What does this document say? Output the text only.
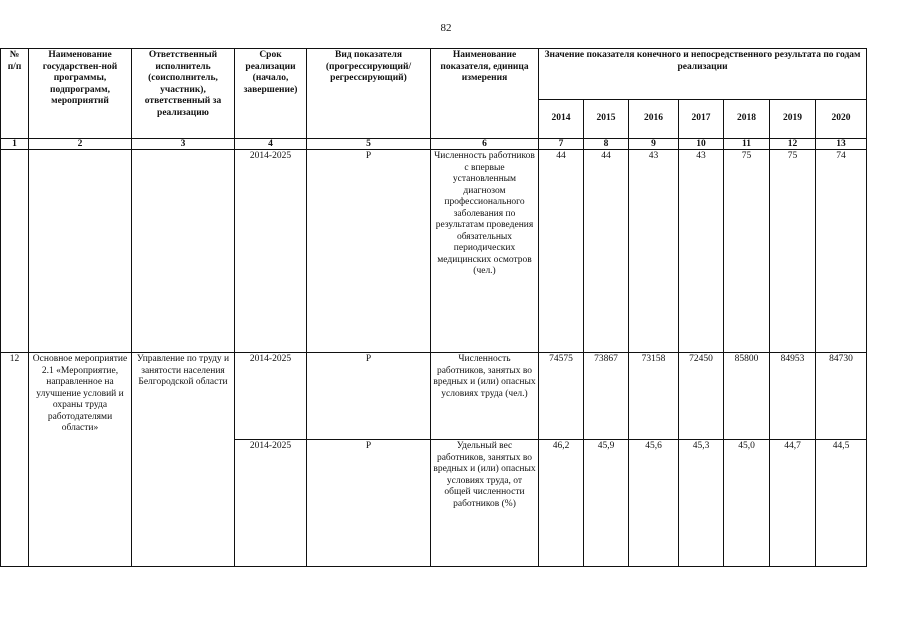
82
№
п/п	Наименование государствен-ной программы, подпрограмм, мероприятий	Ответственный исполнитель (соисполнитель, участник), ответственный за реализацию	Срок реализации (начало, завершение)	Вид показателя (прогрессирующий/ регрессирующий)	Наименование показателя, единица измерения	Значение показателя конечного и непосредственного результата по годам реализации						
						2014	2015	2016	2017	2018	2019	2020
1	2	3	4	5	6	7	8	9	10	11	12	13
			2014-2025	Р	Численность работников с впервые установленным диагнозом профессионального заболевания по результатам проведения обязательных периодических медицинских осмотров (чел.)	44	44	43	43	75	75	74
12	Основное мероприятие 2.1 «Мероприятие, направленное на улучшение условий и охраны труда работодателями области»	Управление по труду и занятости населения Белгородской области	2014-2025	Р	Численность работников, занятых во вредных и (или) опасных условиях труда (чел.)	74575	73867	73158	72450	85800	84953	84730
			2014-2025	Р	Удельный вес работников, занятых во вредных и (или) опасных условиях труда, от общей численности работников (%)	46,2	45,9	45,6	45,3	45,0	44,7	44,5
